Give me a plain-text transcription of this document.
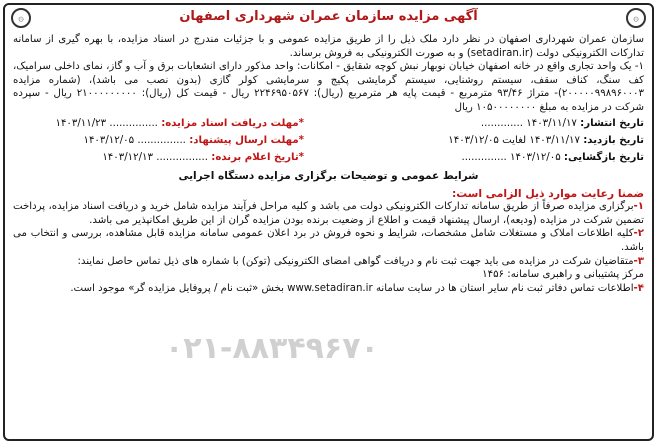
۞
آگهی مزایده سازمان عمران شهرداری اصفهان
۞

سازمان عمران شهرداری اصفهان در نظر دارد ملک ذیل را از طریق مزایده عمومی و با جزئیات مندرج در اسناد مزایده، با بهره گیری از سامانه تدارکات الکترونیکی دولت (setadiran.ir) و به صورت الکترونیکی به فروش برساند.

۱- یک واحد تجاری واقع در خانه اصفهان خیابان نوبهار نبش کوچه شقایق - امکانات: واحد مذکور دارای انشعابات برق و آب و گاز، نمای داخلی سرامیک، کف سنگ، کناف سقف، سیستم روشنایی، سیستم گرمایشی پکیج و سرمایشی کولر گازی (بدون نصب می باشد)، (شماره مزایده ۲۰۰۰۰۰۹۹۸۹۶۰۰۰۳)- متراژ ۹۳/۴۶ مترمربع - قیمت پایه هر مترمربع (ریال): ۲۲۴۶۹۵۰۵۶۷ ریال - قیمت کل (ریال): ۲۱۰۰۰۰۰۰۰۰۰ ریال - سپرده شرکت در مزایده به مبلغ ۱۰۵۰۰۰۰۰۰۰۰ ریال

تاریخ انتشار: ۱۴۰۳/۱۱/۱۷ .............
*مهلت دریافت اسناد مزایده: ............... ۱۴۰۳/۱۱/۲۳
تاریخ بازدید: ۱۴۰۳/۱۱/۱۷ لغایت ۱۴۰۳/۱۲/۰۵
*مهلت ارسال پیشنهاد: ............... ۱۴۰۳/۱۲/۰۵
تاریخ بازگشایی: ۱۴۰۳/۱۲/۰۵ ..............
*تاریخ اعلام برنده: ................ ۱۴۰۳/۱۲/۱۳
شرایط عمومی و توضیحات برگزاری مزایده دستگاه اجرایی
ضمنا رعایت موارد ذیل الزامی است:

۱-برگزاری مزایده صرفاً از طریق سامانه تدارکات الکترونیکی دولت می باشد و کلیه مراحل فرآیند مزایده شامل خرید و دریافت اسناد مزایده، پرداخت تضمین شرکت در مزایده (ودیعه)، ارسال پیشنهاد قیمت و اطلاع از وضعیت برنده بودن مزایده گران از این طریق امکانپذیر می باشد.

۲-کلیه اطلاعات املاک و مستغلات شامل مشخصات، شرایط و نحوه فروش در برد اعلان عمومی سامانه مزایده قابل مشاهده، بررسی و انتخاب می باشد.

۳-متقاضیان شرکت در مزایده می باید جهت ثبت نام و دریافت گواهی امضای الکترونیکی (توکن) با شماره های ذیل تماس حاصل نمایند:

مرکز پشتیبانی و راهبری سامانه: ۱۴۵۶

۴-اطلاعات تماس دفاتر ثبت نام سایر استان ها در سایت سامانه www.setadiran.ir بخش «ثبت نام / پروفایل مزایده گر» موجود است.

۰۲۱-۸۸۳۴۹۶۷۰
